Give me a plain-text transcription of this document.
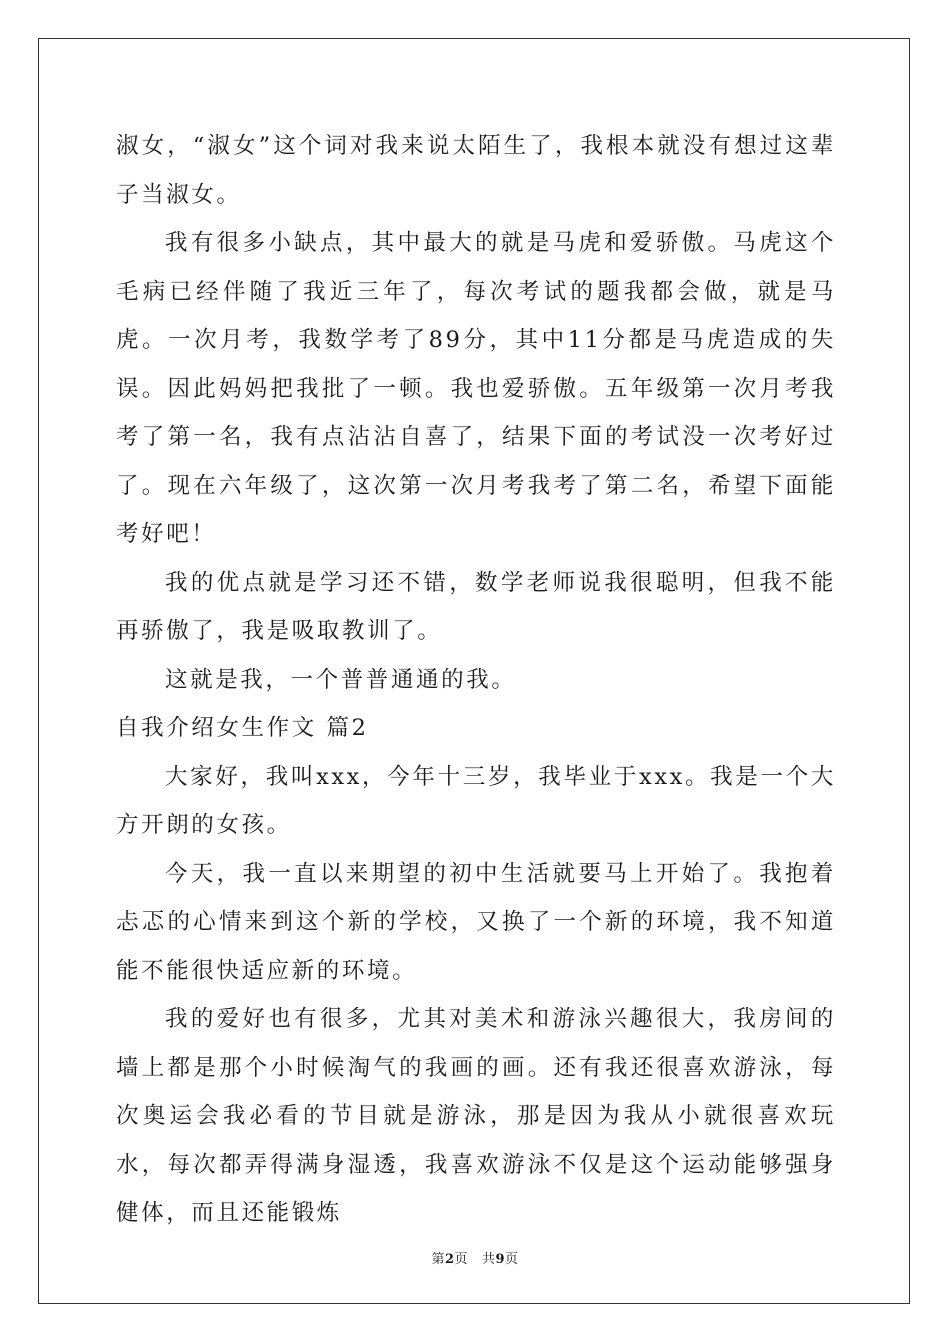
淑女，“淑女”这个词对我来说太陌生了，我根本就没有想过这辈子当淑女。

我有很多小缺点，其中最大的就是马虎和爱骄傲。马虎这个毛病已经伴随了我近三年了，每次考试的题我都会做，就是马虎。一次月考，我数学考了89分，其中11分都是马虎造成的失误。因此妈妈把我批了一顿。我也爱骄傲。五年级第一次月考我考了第一名，我有点沾沾自喜了，结果下面的考试没一次考好过了。现在六年级了，这次第一次月考我考了第二名，希望下面能考好吧！

我的优点就是学习还不错，数学老师说我很聪明，但我不能再骄傲了，我是吸取教训了。

这就是我，一个普普通通的我。

自我介绍女生作文 篇2

大家好，我叫xxx，今年十三岁，我毕业于xxx。我是一个大方开朗的女孩。

今天，我一直以来期望的初中生活就要马上开始了。我抱着忐忑的心情来到这个新的学校，又换了一个新的环境，我不知道能不能很快适应新的环境。

我的爱好也有很多，尤其对美术和游泳兴趣很大，我房间的墙上都是那个小时候淘气的我画的画。还有我还很喜欢游泳，每次奥运会我必看的节目就是游泳，那是因为我从小就很喜欢玩水，每次都弄得满身湿透，我喜欢游泳不仅是这个运动能够强身健体，而且还能锻炼

第2页 共9页
